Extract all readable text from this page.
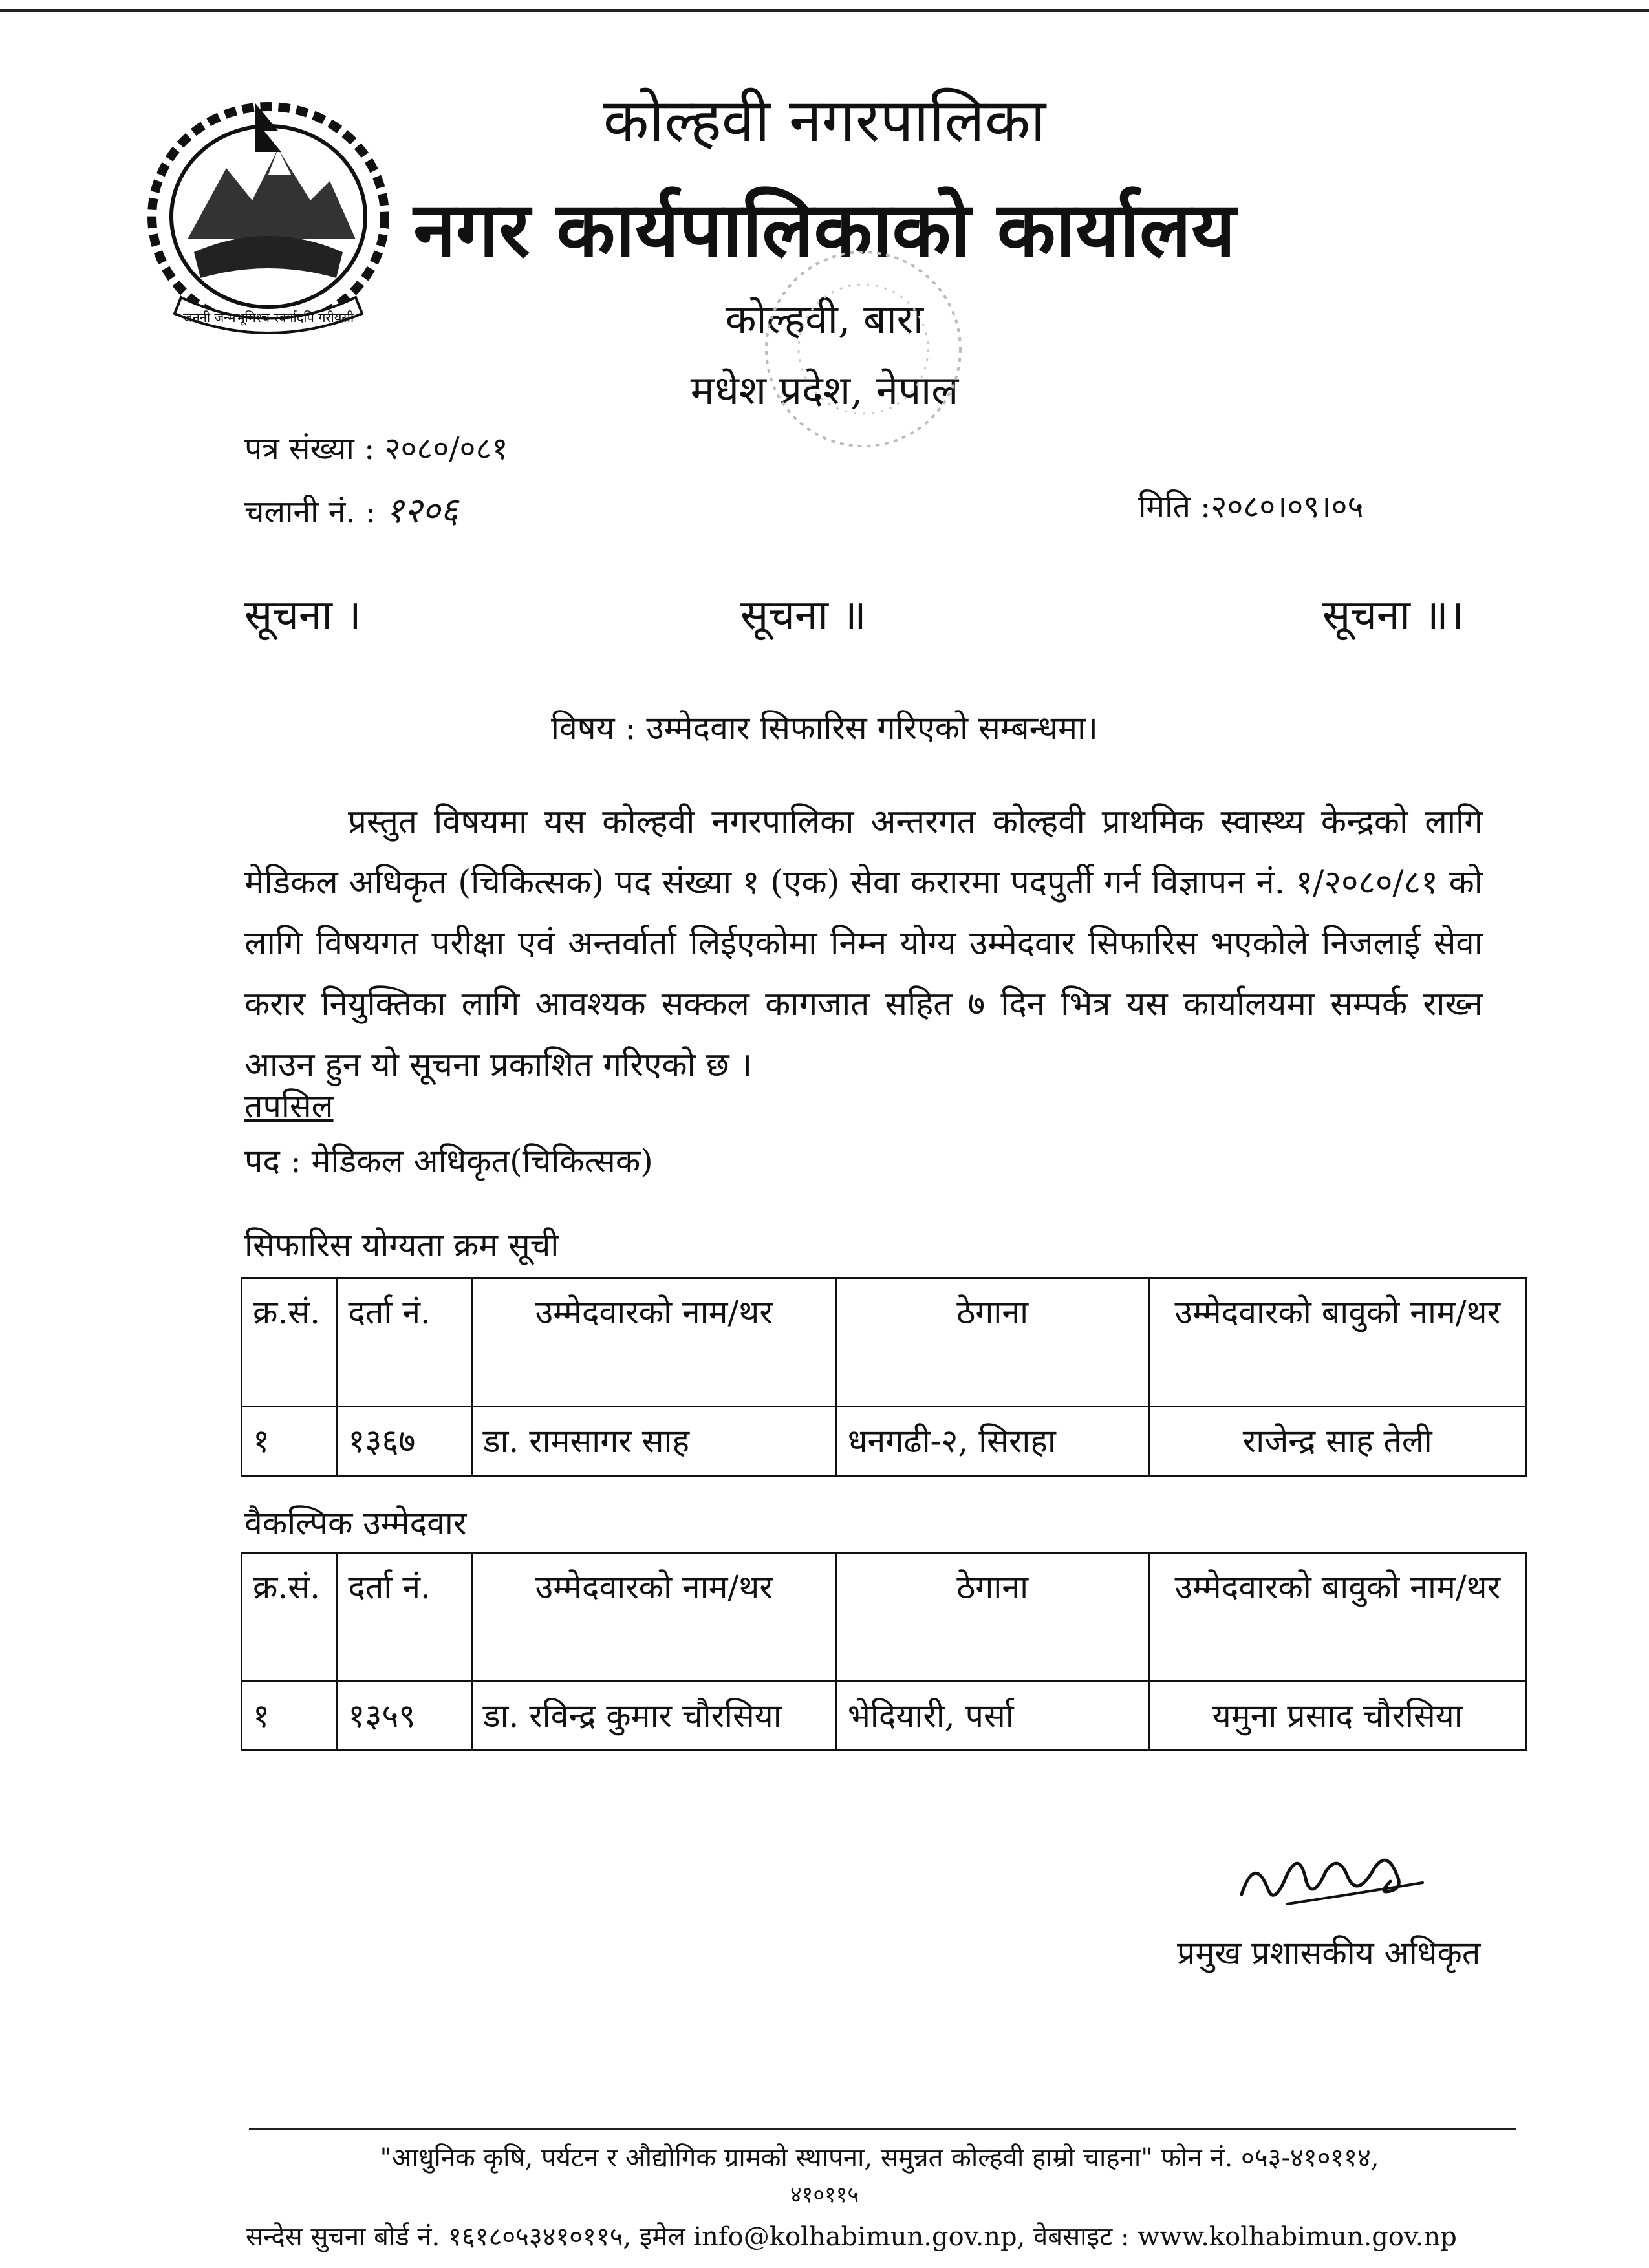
जननी जन्मभूमिश्च स्वर्गादपि गरीयसी
कोल्हवी नगरपालिका
नगर कार्यपालिकाको कार्यालय
कोल्हवी, बारा
मधेश प्रदेश, नेपाल
पत्र संख्या : २०८०/०८१
चलानी नं. : १२०६	मिति :२०८०।०९।०५
सूचना ।	सूचना ॥	सूचना ॥।
विषय : उम्मेदवार सिफारिस गरिएको सम्बन्धमा।
प्रस्तुत विषयमा यस कोल्हवी नगरपालिका अन्तरगत कोल्हवी प्राथमिक स्वास्थ्य केन्द्रको लागि मेडिकल अधिकृत (चिकित्सक) पद संख्या १ (एक) सेवा करारमा पदपुर्ती गर्न विज्ञापन नं. १/२०८०/८१ को लागि विषयगत परीक्षा एवं अन्तर्वार्ता लिईएकोमा निम्न योग्य उम्मेदवार सिफारिस भएकोले निजलाई सेवा करार नियुक्तिका लागि आवश्यक सक्कल कागजात सहित ७ दिन भित्र यस कार्यालयमा सम्पर्क राख्न आउन हुन यो सूचना प्रकाशित गरिएको छ ।
तपसिल
पद : मेडिकल अधिकृत(चिकित्सक)
सिफारिस योग्यता क्रम सूची
क्र.सं.	दर्ता नं.	उम्मेदवारको नाम/थर	ठेगाना	उम्मेदवारको बावुको नाम/थर
१	१३६७	डा. रामसागर साह	धनगढी-२, सिराहा	राजेन्द्र साह तेली
वैकल्पिक उम्मेदवार
क्र.सं.	दर्ता नं.	उम्मेदवारको नाम/थर	ठेगाना	उम्मेदवारको बावुको नाम/थर
१	१३५९	डा. रविन्द्र कुमार चौरसिया	भेदियारी, पर्सा	यमुना प्रसाद चौरसिया
प्रमुख प्रशासकीय अधिकृत
"आधुनिक कृषि, पर्यटन र औद्योगिक ग्रामको स्थापना, समुन्नत कोल्हवी हाम्रो चाहना" फोन नं. ०५३-४१०११४,
४१०११५
सन्देस सुचना बोर्ड नं. १६१८०५३४१०११५, इमेल info@kolhabimun.gov.np, वेबसाइट : www.kolhabimun.gov.np
